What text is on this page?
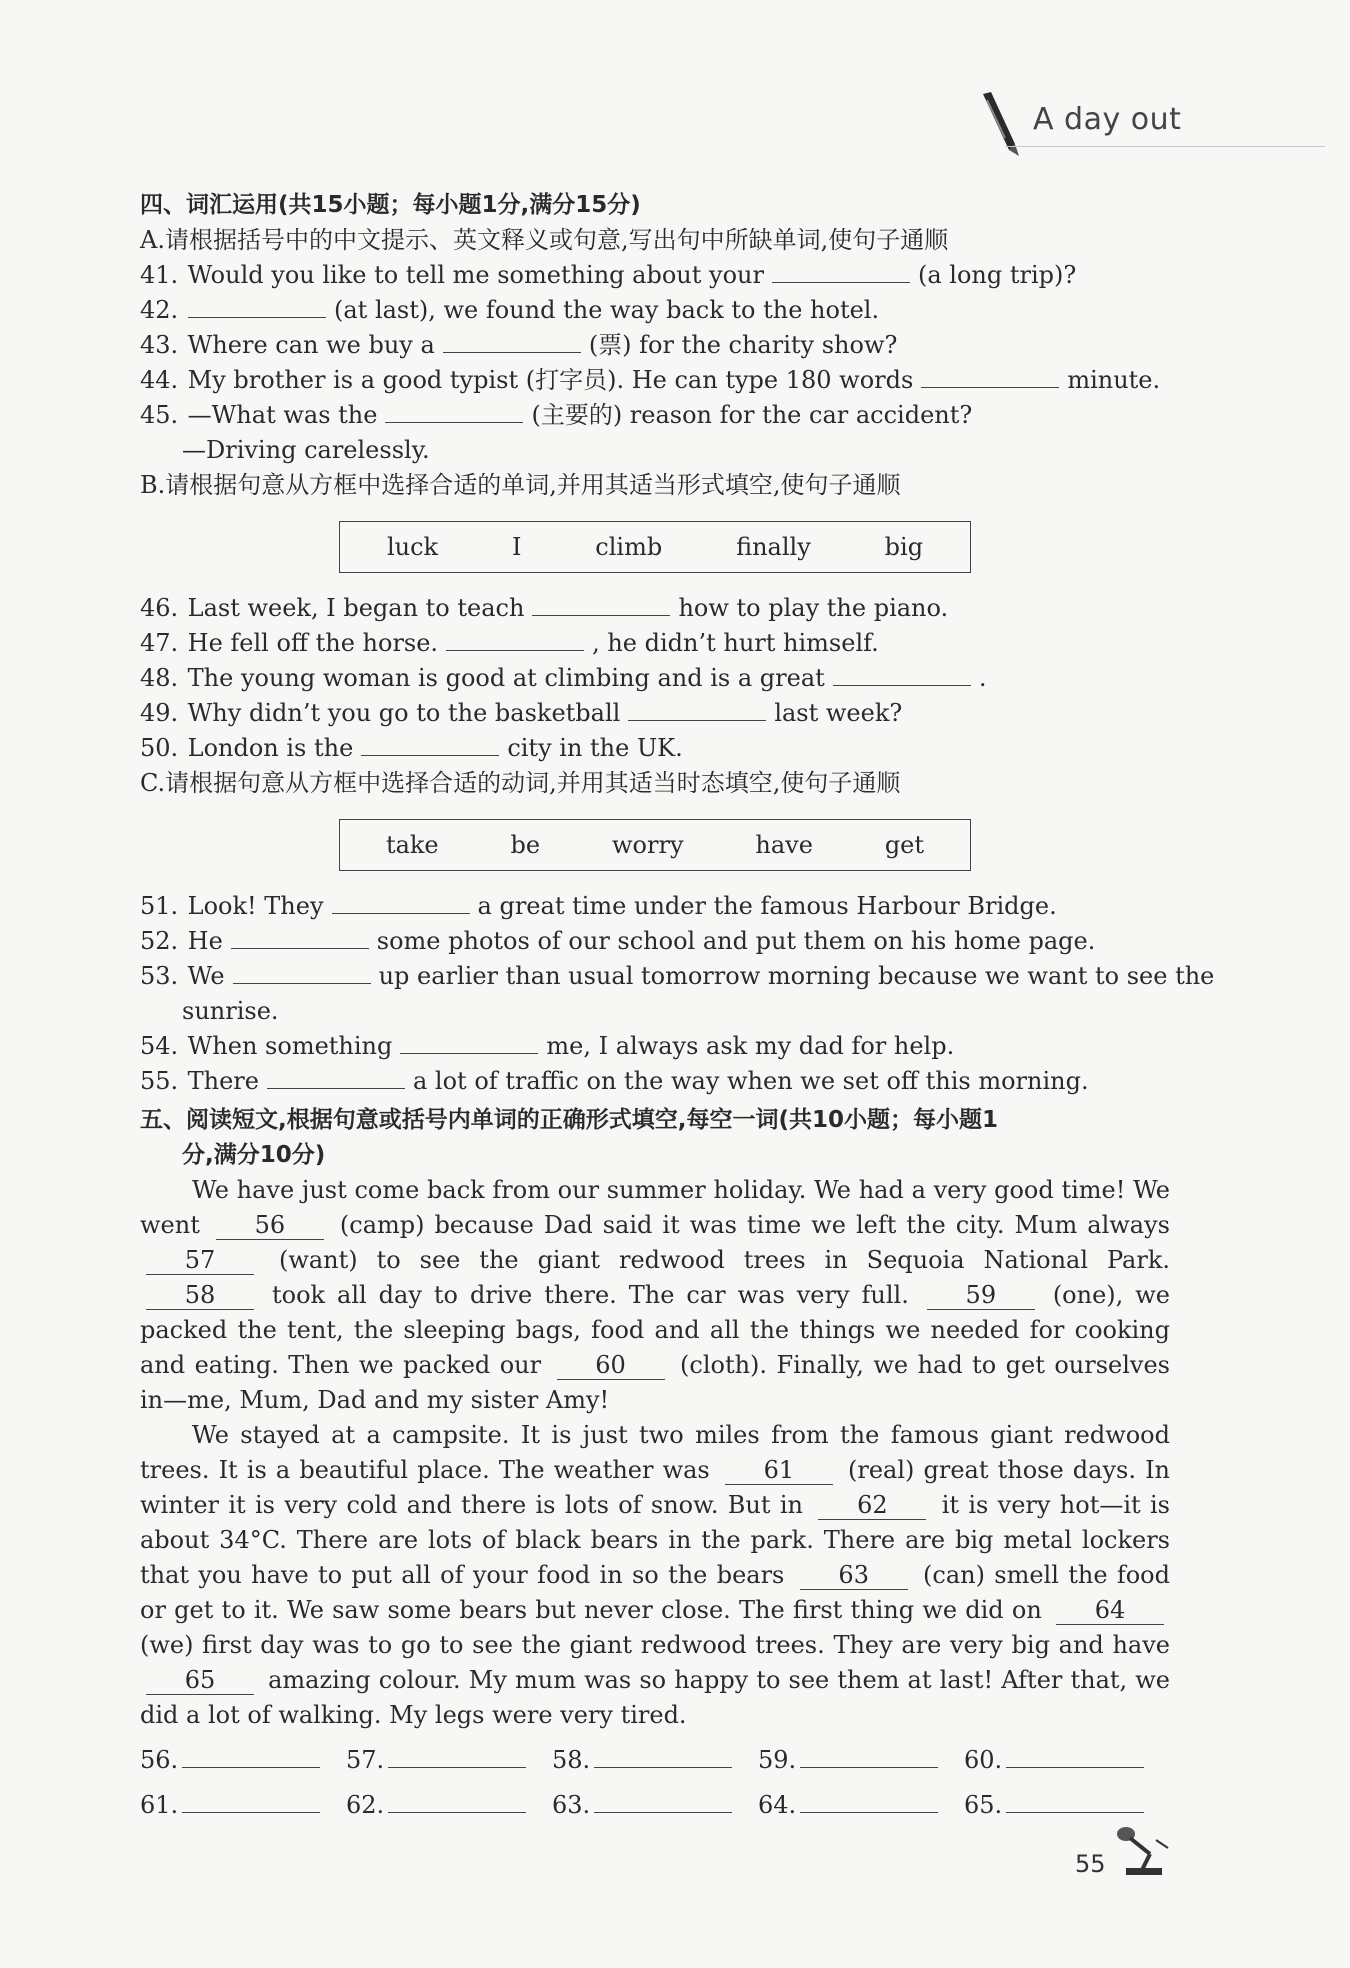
A day out

四、词汇运用(共15小题；每小题1分,满分15分)

A.请根据括号中的中文提示、英文释义或句意,写出句中所缺单词,使句子通顺

41. Would you like to tell me something about your	(a long trip)?

42.	(at last), we found the way back to the hotel.

43. Where can we buy a	(票) for the charity show?

44. My brother is a good typist (打字员). He can type 180 words	minute.

45. —What was the	(主要的) reason for the car accident?

—Driving carelessly.

B.请根据句意从方框中选择合适的单词,并用其适当形式填空,使句子通顺

luck	I	climb	finally	big

46. Last week, I began to teach	how to play the piano.

47. He fell off the horse.	, he didn’t hurt himself.

48. The young woman is good at climbing and is a great	.

49. Why didn’t you go to the basketball	last week?

50. London is the	city in the UK.

C.请根据句意从方框中选择合适的动词,并用其适当时态填空,使句子通顺

take	be	worry	have	get

51. Look! They	a great time under the famous Harbour Bridge.

52. He	some photos of our school and put them on his home page.

53. We	up earlier than usual tomorrow morning because we want to see the

sunrise.

54. When something	me, I always ask my dad for help.

55. There	a lot of traffic on the way when we set off this morning.

五、阅读短文,根据句意或括号内单词的正确形式填空,每空一词(共10小题；每小题1

分,满分10分)

We have just come back from our summer holiday. We had a very good time! We went 56 (camp) because Dad said it was time we left the city. Mum always 57	(want) to see the giant redwood trees in Sequoia National Park. 58 took all day to drive there. The car was very full. 59 (one), we packed the tent, the sleeping bags, food and all the things we needed for cooking and eating. Then we packed our 60 (cloth). Finally, we had to get ourselves in—me, Mum, Dad and my sister Amy!

We stayed at a campsite. It is just two miles from the famous giant redwood trees. It is a beautiful place. The weather was 61 (real) great those days. In winter it is very cold and there is lots of snow. But in 62 it is very hot—it is about 34°C. There are lots of black bears in the park. There are big metal lockers that you have to put all of your food in so the bears 63 (can) smell the food or get to it. We saw some bears but never close. The first thing we did on 64 (we) first day was to go to see the giant redwood trees. They are very big and have 65 amazing colour. My mum was so happy to see them at last! After that, we did a lot of walking. My legs were very tired.

56.	57.	58.	59.	60.
61.	62.	63.	64.	65.
55
